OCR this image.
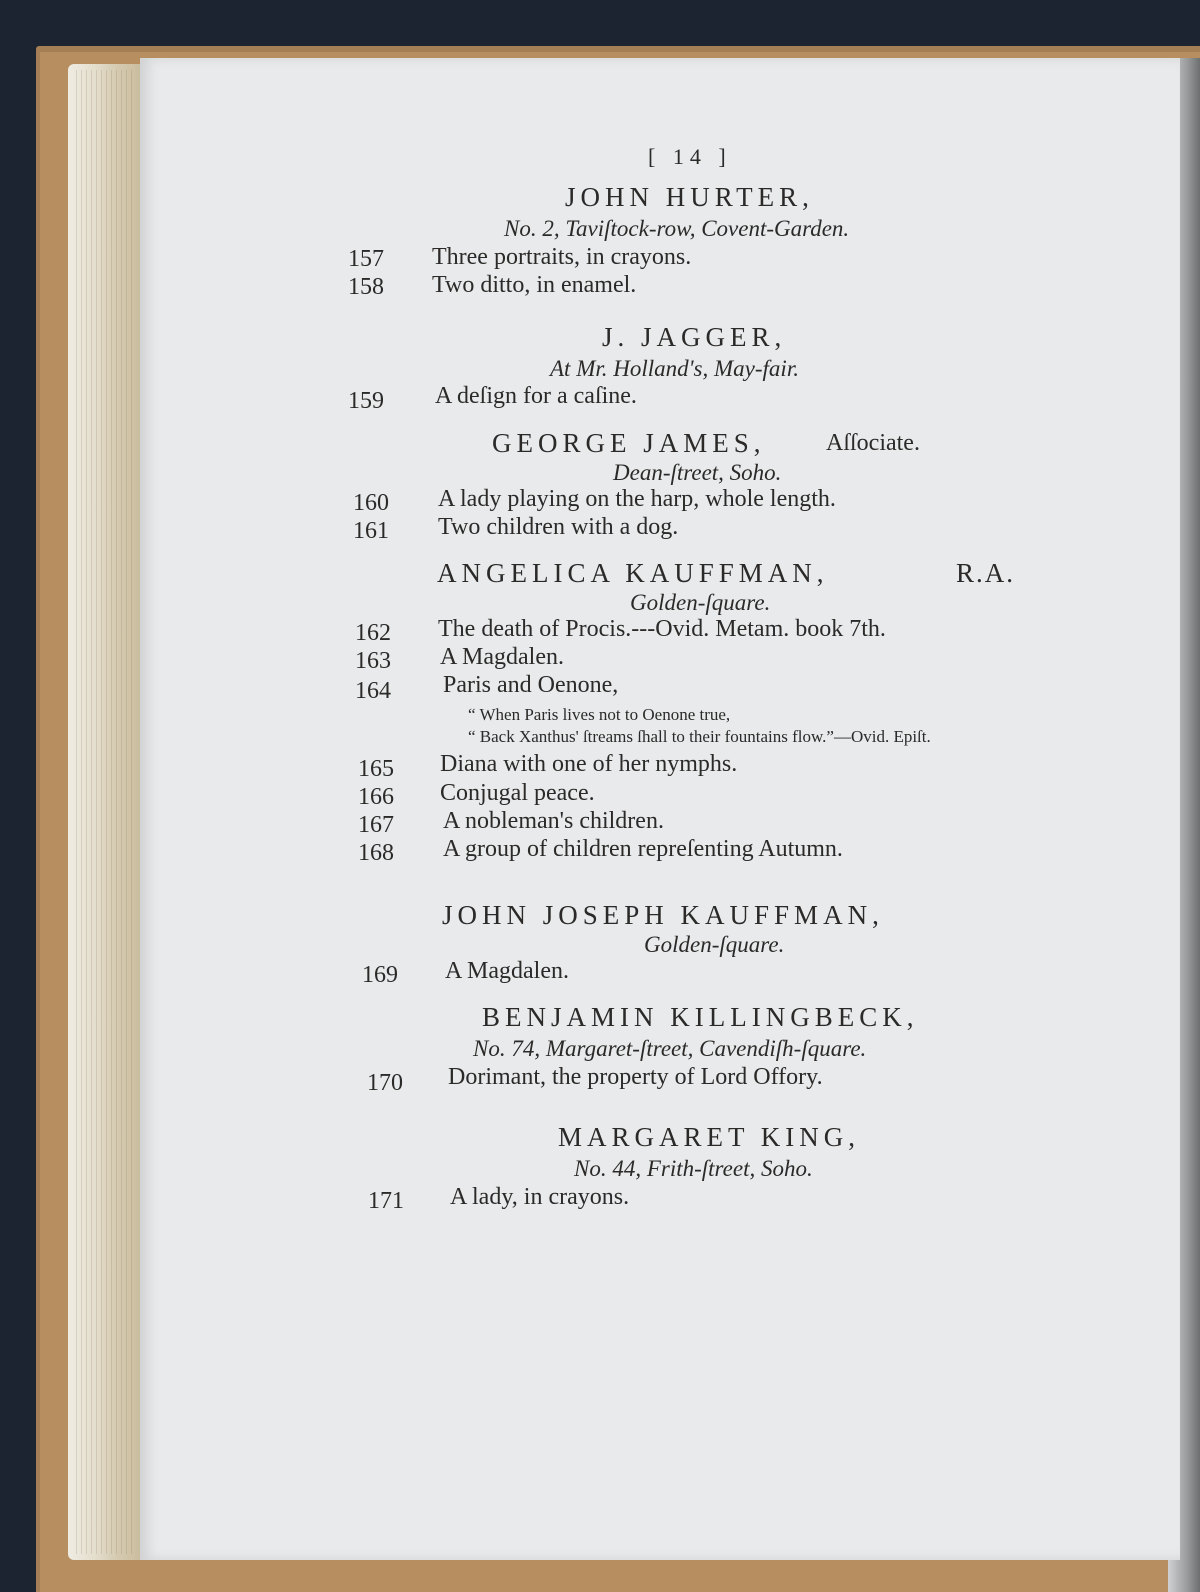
[ 14 ]
JOHN HURTER,
No. 2, Taviſtock-row, Covent-Garden.
157 Three portraits, in crayons.
158 Two ditto, in enamel.
J. JAGGER,
At Mr. Holland's, May-fair.
159 A deſign for a caſine.
GEORGE JAMES,	Aſſociate.
Dean-ſtreet, Soho.
160 A lady playing on the harp, whole length.
161 Two children with a dog.
ANGELICA KAUFFMAN,	R.A.
Golden-ſquare.
162 The death of Procis.---Ovid. Metam. book 7th.
163 A Magdalen.
164 Paris and Oenone,
“ When Paris lives not to Oenone true,
“ Back Xanthus' ſtreams ſhall to their fountains flow.”—Ovid. Epiſt.
165 Diana with one of her nymphs.
166 Conjugal peace.
167 A nobleman's children.
168 A group of children repreſenting Autumn.
JOHN JOSEPH KAUFFMAN,
Golden-ſquare.
169 A Magdalen.
BENJAMIN KILLINGBECK,
No. 74, Margaret-ſtreet, Cavendiſh-ſquare.
170 Dorimant, the property of Lord Offory.
MARGARET KING,
No. 44, Frith-ſtreet, Soho.
171 A lady, in crayons.
